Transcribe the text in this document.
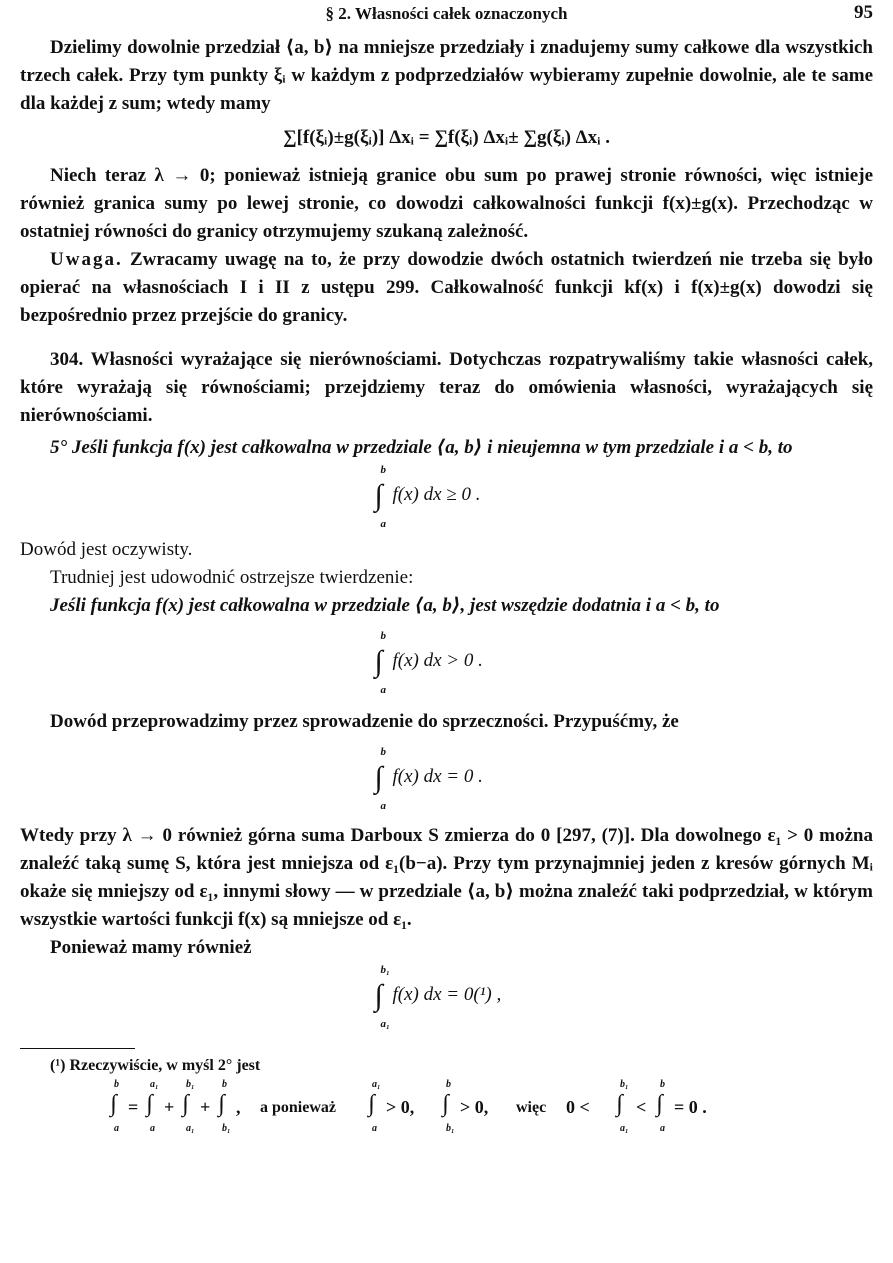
§ 2. Własności całek oznaczonych	95

Dzielimy dowolnie przedział ⟨a, b⟩ na mniejsze przedziały i znadujemy sumy całkowe dla wszystkich trzech całek. Przy tym punkty ξᵢ w każdym z podprzedziałów wybieramy zupełnie dowolnie, ale te same dla każdej z sum; wtedy mamy

∑[f(ξᵢ)±g(ξᵢ)] Δxᵢ = ∑f(ξᵢ) Δxᵢ± ∑g(ξᵢ) Δxᵢ .

Niech teraz λ → 0; ponieważ istnieją granice obu sum po prawej stronie równości, więc istnieje również granica sumy po lewej stronie, co dowodzi całkowalności funkcji f(x)±g(x). Przechodząc w ostatniej równości do granicy otrzymujemy szukaną zależność.

Uwaga. Zwracamy uwagę na to, że przy dowodzie dwóch ostatnich twierdzeń nie trzeba się było opierać na własnościach I i II z ustępu 299. Całkowalność funkcji kf(x) i f(x)±g(x) dowodzi się bezpośrednio przez przejście do granicy.

304. Własności wyrażające się nierównościami. Dotychczas rozpatrywaliśmy takie własności całek, które wyrażają się równościami; przejdziemy teraz do omówienia własności, wyrażających się nierównościami.

5° Jeśli funkcja f(x) jest całkowalna w przedziale ⟨a, b⟩ i nieujemna w tym przedziale i a < b, to

b
∫ f(x) dx ≥ 0 .
a

Dowód jest oczywisty.

Trudniej jest udowodnić ostrzejsze twierdzenie:

Jeśli funkcja f(x) jest całkowalna w przedziale ⟨a, b⟩, jest wszędzie dodatnia i a < b, to

b
∫ f(x) dx > 0 .
a

Dowód przeprowadzimy przez sprowadzenie do sprzeczności. Przypuśćmy, że

b
∫ f(x) dx = 0 .
a

Wtedy przy λ → 0 również górna suma Darboux S zmierza do 0 [297, (7)]. Dla dowolnego ε₁ > 0 można znaleźć taką sumę S, która jest mniejsza od ε₁(b−a). Przy tym przynajmniej jeden z kresów górnych Mᵢ okaże się mniejszy od ε₁, innymi słowy — w przedziale ⟨a, b⟩ można znaleźć taki podprzedział, w którym wszystkie wartości funkcji f(x) są mniejsze od ε₁.

Ponieważ mamy również

b₁
∫ f(x) dx = 0(¹) ,
a₁
(¹) Rzeczywiście, w myśl 2° jest
b
∫
a
=
a₁
∫
a
+
b₁
∫
a₁
+
b
∫
b₁
, a ponieważ
a₁
∫
a
> 0,
b
∫
b₁
> 0, więc 0 <
b₁
∫
a₁
<
b
∫
a
= 0 .
